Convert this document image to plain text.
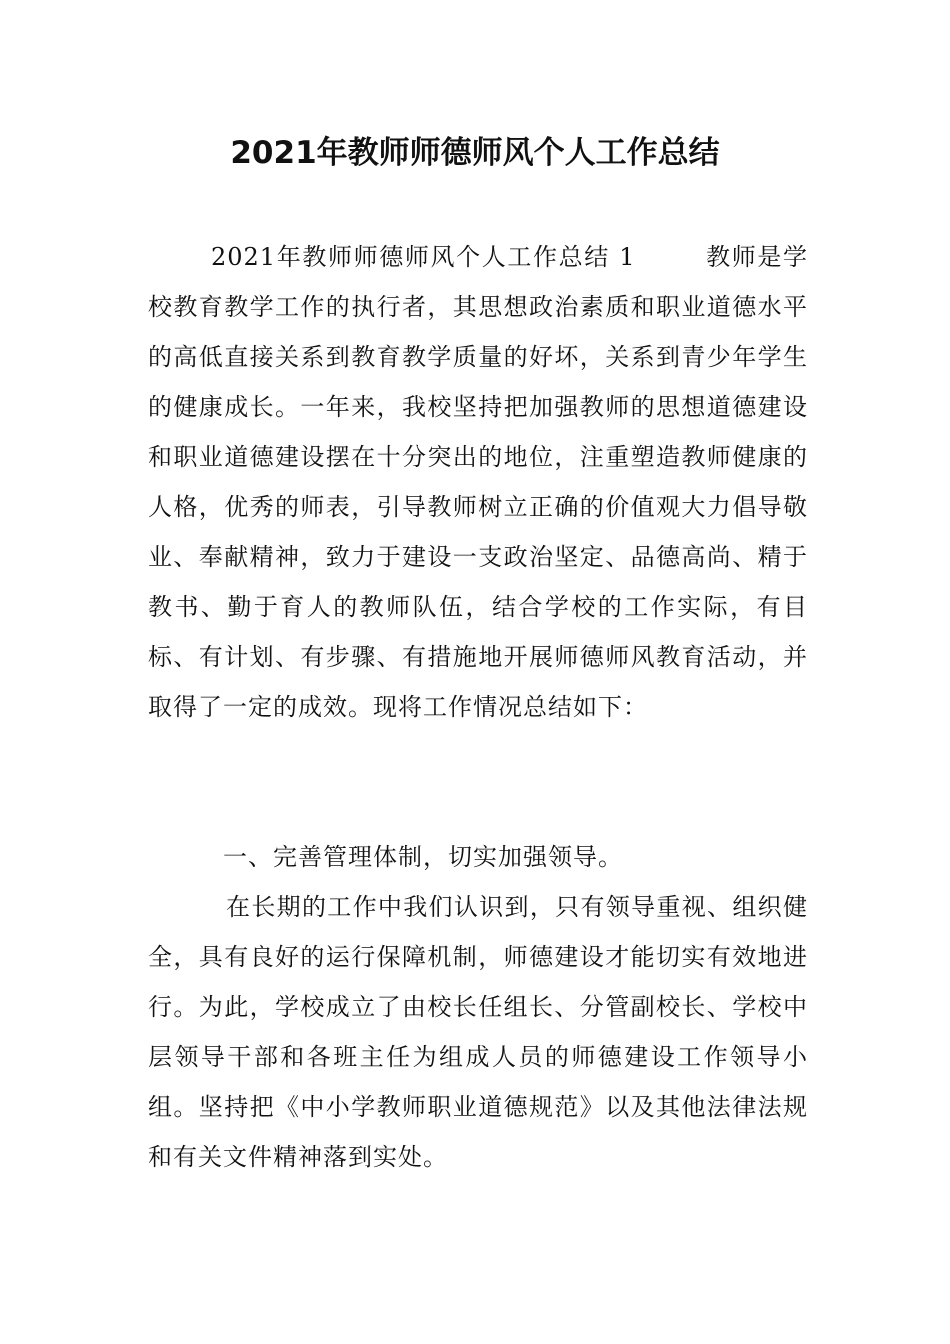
2021年教师师德师风个人工作总结

2021年教师师德师风个人工作总结 1	教师是学校教育教学工作的执行者，其思想政治素质和职业道德水平的高低直接关系到教育教学质量的好坏，关系到青少年学生的健康成长。一年来，我校坚持把加强教师的思想道德建设和职业道德建设摆在十分突出的地位，注重塑造教师健康的人格，优秀的师表，引导教师树立正确的价值观大力倡导敬业、奉献精神，致力于建设一支政治坚定、品德高尚、精于教书、勤于育人的教师队伍，结合学校的工作实际，有目标、有计划、有步骤、有措施地开展师德师风教育活动，并取得了一定的成效。现将工作情况总结如下：

一、完善管理体制，切实加强领导。

在长期的工作中我们认识到，只有领导重视、组织健全，具有良好的运行保障机制，师德建设才能切实有效地进行。为此，学校成立了由校长任组长、分管副校长、学校中层领导干部和各班主任为组成人员的师德建设工作领导小组。坚持把《中小学教师职业道德规范》以及其他法律法规和有关文件精神落到实处。
